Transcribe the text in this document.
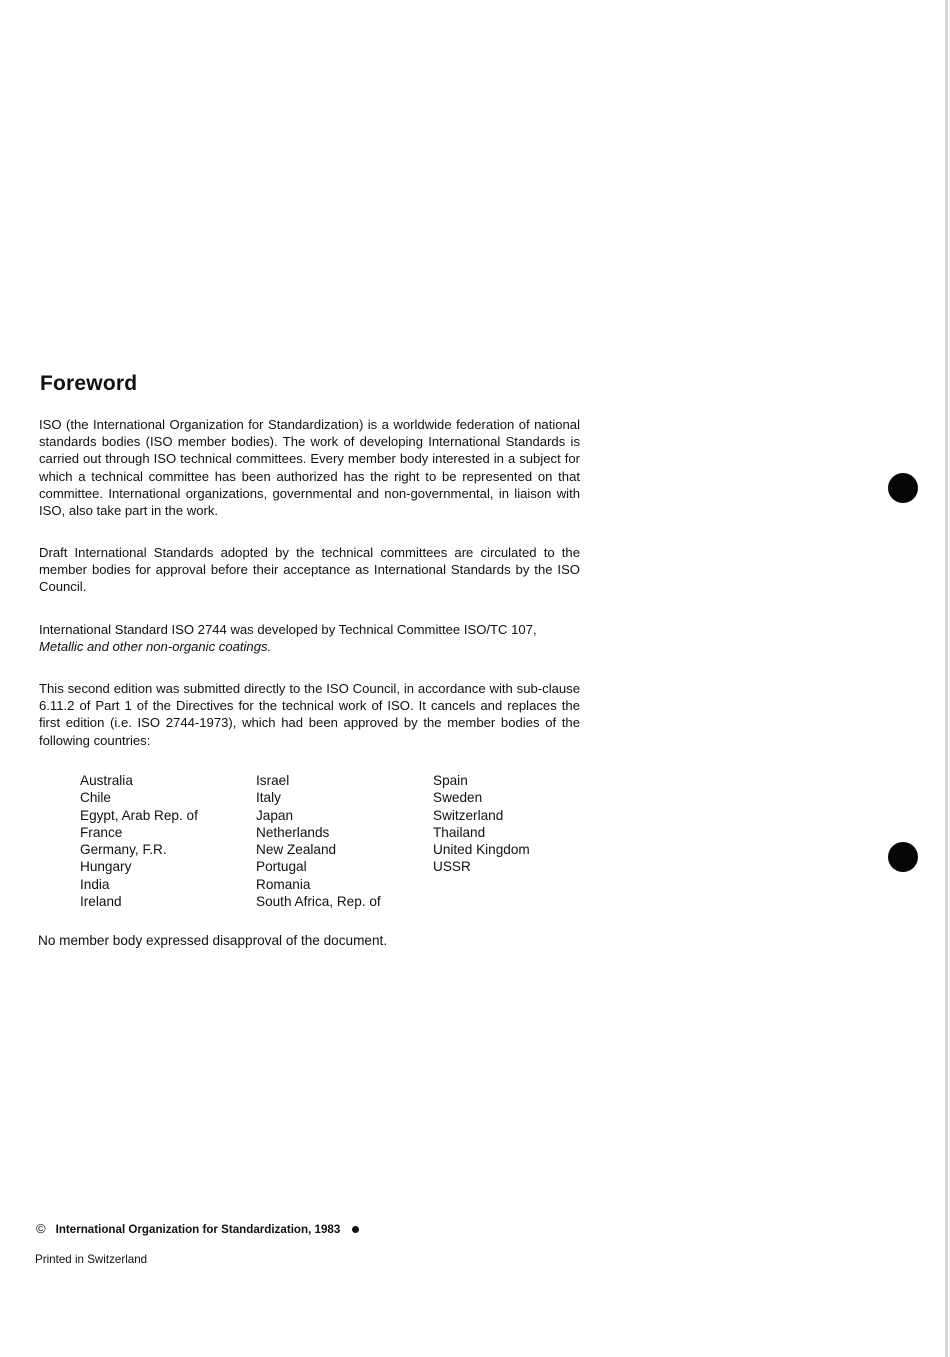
Foreword

ISO (the International Organization for Standardization) is a worldwide federation of national standards bodies (ISO member bodies). The work of developing International Standards is carried out through ISO technical committees. Every member body interested in a subject for which a technical committee has been authorized has the right to be represented on that committee. International organizations, governmental and non-governmental, in liaison with ISO, also take part in the work.

Draft International Standards adopted by the technical committees are circulated to the member bodies for approval before their acceptance as International Standards by the ISO Council.

International Standard ISO 2744 was developed by Technical Committee ISO/TC 107,
Metallic and other non-organic coatings.

This second edition was submitted directly to the ISO Council, in accordance with sub-clause 6.11.2 of Part 1 of the Directives for the technical work of ISO. It cancels and replaces the first edition (i.e. ISO 2744-1973), which had been approved by the member bodies of the following countries:

Australia
Chile
Egypt, Arab Rep. of
France
Germany, F.R.
Hungary
India
Ireland
Israel
Italy
Japan
Netherlands
New Zealand
Portugal
Romania
South Africa, Rep. of
Spain
Sweden
Switzerland
Thailand
United Kingdom
USSR

No member body expressed disapproval of the document.

© International Organization for Standardization, 1983
Printed in Switzerland
